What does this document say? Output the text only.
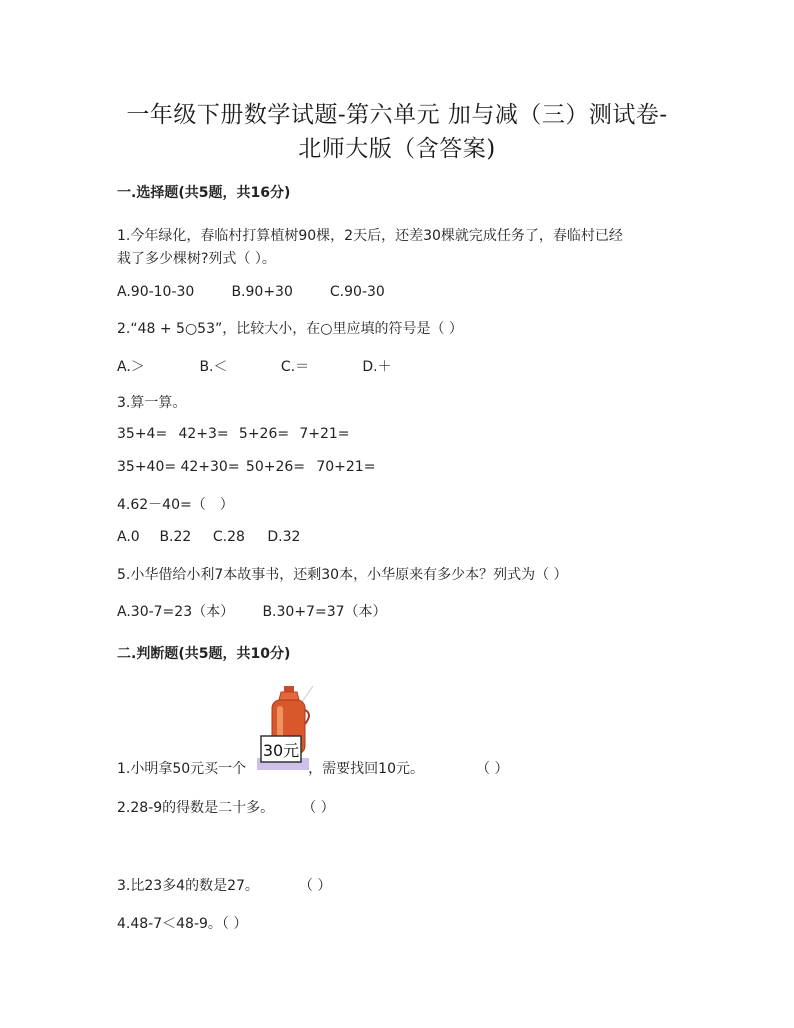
一年级下册数学试题-第六单元 加与减（三）测试卷-
北师大版（含答案)
一.选择题(共5题，共16分)
1.今年绿化，春临村打算植树90棵，2天后，还差30棵就完成任务了，春临村已经
栽了多少棵树?列式（ ）。
A.90-10-30	B.90+30	C.90-30
2.“48 + 5○53”，比较大小，在○里应填的符号是（ ）
A.＞	B.＜	C.＝	D.＋
3.算一算。
35+4= 42+3= 5+26= 7+21=
35+40= 42+30= 50+26= 70+21=
4.62－40=（　）
A.0 B.22 C.28 D.32
5.小华借给小利7本故事书，还剩30本，小华原来有多少本？列式为（ ）
A.30-7=23（本） B.30+7=37（本）
二.判断题(共5题，共10分)
30元
1.小明拿50元买一个	，需要找回10元。	（ ）
2.28-9的得数是二十多。 （ ）
3.比23多4的数是27。	（ ）
4.48-7＜48-9。（ ）
